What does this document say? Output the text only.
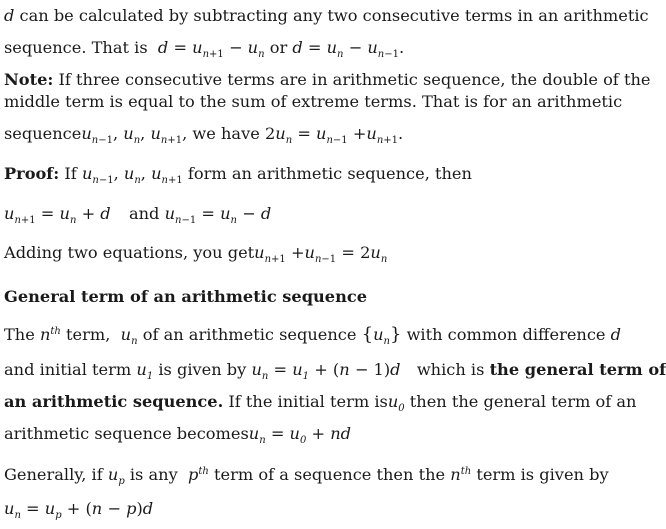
d can be calculated by subtracting any two consecutive terms in an arithmetic
sequence. That is  $d = u_{n+1} - u_n$ or $d = u_n - u_{n-1}$.
Note: If three consecutive terms are in arithmetic sequence, the double of the
middle term is equal to the sum of extreme terms. That is for an arithmetic
sequenceu$_{n-1}$, $u_n$, $u_{n+1}$, we have $2u_n = u_{n-1} +u_{n+1}$.
Proof: If $u_{n-1}$, $u_n$, $u_{n+1}$ form an arithmetic sequence, then
$u_{n+1} = u_n + d$ and $u_{n-1} = u_n - d$
Adding two equations, you getu$_{n+1}$ $+u_{n-1} = 2u_n$
General term of an arithmetic sequence
The $n^{th}$ term,  $u_n$ of an arithmetic sequence $\{u_n\}$ with common difference d
and initial term $u_1$ is given by $u_n = u_1 + (n - 1)d$ which is the general term of
an arithmetic sequence. If the initial term isu$_0$ then the general term of an
arithmetic sequence becomesu$_n$ = $u_0$ + nd
Generally, if $u_p$ is any  $p^{th}$ term of a sequence then the $n^{th}$ term is given by
$u_n = u_p + (n - p)d$
